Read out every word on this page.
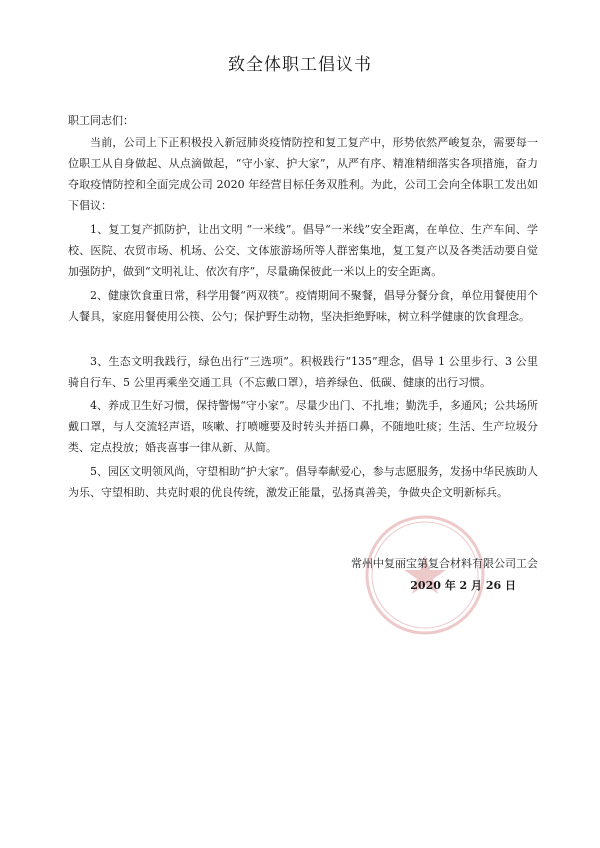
致全体职工倡议书
职工同志们：

当前，公司上下正积极投入新冠肺炎疫情防控和复工复产中，形势依然严峻复杂，需要每一位职工从自身做起、从点滴做起，“守小家、护大家”，从严有序、精准精细落实各项措施，奋力夺取疫情防控和全面完成公司 2020 年经营目标任务双胜利。为此，公司工会向全体职工发出如下倡议：

1、复工复产抓防护，让出文明 “一米线”。倡导“一米线”安全距离，在单位、生产车间、学校、医院、农贸市场、机场、公交、文体旅游场所等人群密集地，复工复产以及各类活动要自觉加强防护，做到“文明礼让、依次有序”，尽量确保彼此一米以上的安全距离。

2、健康饮食重日常，科学用餐“两双筷”。疫情期间不聚餐，倡导分餐分食，单位用餐使用个人餐具，家庭用餐使用公筷、公勺；保护野生动物，坚决拒绝野味，树立科学健康的饮食理念。

3、生态文明我践行，绿色出行“三选项”。积极践行“135”理念，倡导 1 公里步行、3 公里骑自行车、5 公里再乘坐交通工具（不忘戴口罩），培养绿色、低碳、健康的出行习惯。

4、养成卫生好习惯，保持警惕“守小家”。尽量少出门、不扎堆；勤洗手，多通风；公共场所戴口罩，与人交流轻声语，咳嗽、打喷嚏要及时转头并捂口鼻，不随地吐痰；生活、生产垃圾分类、定点投放；婚丧喜事一律从新、从简。

5、园区文明领风尚，守望相助“护大家”。倡导奉献爱心，参与志愿服务，发扬中华民族助人为乐、守望相助、共克时艰的优良传统，激发正能量，弘扬真善美，争做央企文明新标兵。

常州中复丽宝第复合材料有限公司工会
2020 年 2 月 26 日
